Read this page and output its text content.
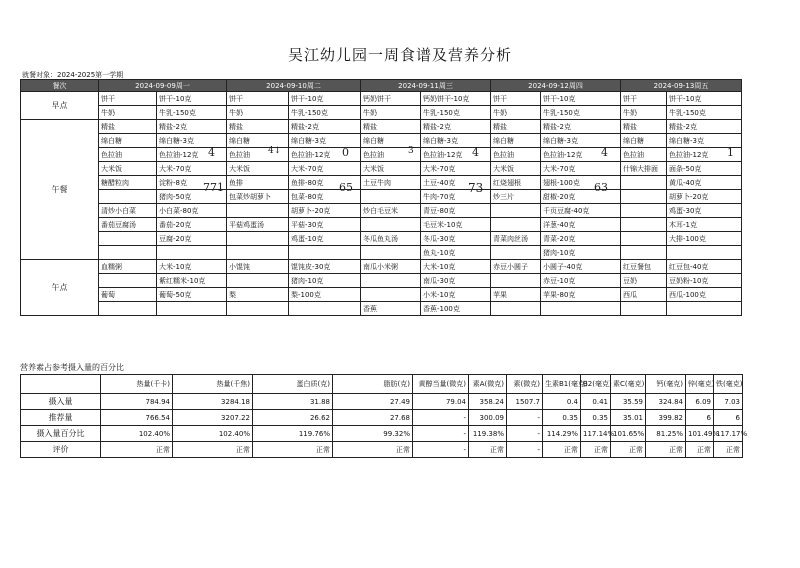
吴江幼儿园一周食谱及营养分析
就餐对象：2024-2025第一学期
餐次	2024-09-09周一		2024-09-10周二		2024-09-11周三		2024-09-12周四		2024-09-13周五	
早点	饼干	饼干-10克	饼干	饼干-10克	钙奶饼干	钙奶饼干-10克	饼干	饼干-10克	饼干	饼干-10克
	牛奶	牛乳-150克	牛奶	牛乳-150克	牛奶	牛乳-150克	牛奶	牛乳-150克	牛奶	牛乳-150克
午餐	精盐	精盐-2克	精盐	精盐-2克	精盐	精盐-2克	精盐	精盐-2克	精盐	精盐-2克
	绵白糖	绵白糖-3克	绵白糖	绵白糖-3克	绵白糖	绵白糖-3克	绵白糖	绵白糖-3克	绵白糖	绵白糖-3克
	色拉油	色拉油-12克	色拉油	色拉油-12克	色拉油	色拉油-12克	色拉油	色拉油-12克	色拉油	色拉油-12克
	大米饭	大米-70克	大米饭	大米-70克	大米饭	大米-70克	大米饭	大米-70克	什锦大排面	面条-50克
	糖醋粒肉	淀粉-8克	鱼排	鱼排-80克	土豆牛肉	土豆-40克	红烧翅根	翅根-100克		黄瓜-40克
		猪肉-50克	包菜炒胡萝卜	包菜-80克		牛肉-70克	炒三片	甜椒-20克		胡萝卜-20克
	清炒小白菜	小白菜-80克		胡萝卜-20克	炒白毛豆米	青豆-80克		千页豆腐-40克		鸡蛋-30克
	番茄豆腐汤	番茄-20克	平菇鸡蛋汤	平菇-30克		毛豆米-10克		洋葱-40克		木耳-1克
		豆腐-20克		鸡蛋-10克	冬瓜鱼丸汤	冬瓜-30克	青菜肉丝汤	青菜-20克		大排-100克
						鱼丸-10克		猪肉-10克		
午点	血糯粥	大米-10克	小馄饨	馄饨皮-30克	南瓜小米粥	大米-10克	赤豆小圆子	小圆子-40克	红豆餐包	红豆包-40克
		紫红糯米-10克		猪肉-10克		南瓜-30克		赤豆-10克	豆奶	豆奶粉-10克
	葡萄	葡萄-50克	梨	梨-100克		小米-10克	苹果	苹果-80克	西瓜	西瓜-100克
					香蕉	香蕉-100克				
营养素占参考摄入量的百分比
	热量(千卡)	热量(千焦)	蛋白质(克)	脂肪(克)	黄醇当量(微克)	素A(微克)	素(微克)	生素B1(毫克)	B2(毫克)	素C(毫克)	钙(毫克)	锌(毫克)	铁(毫克)
摄入量	784.94	3284.18	31.88	27.49	79.04	358.24	1507.7	0.4	0.41	35.59	324.84	6.09	7.03
推荐量	766.54	3207.22	26.62	27.68	-	300.09	-	0.35	0.35	35.01	399.82	6	6
摄入量百分比	102.40%	102.40%	119.76%	99.32%	-	119.38%	-	114.29%	117.14%	101.65%	81.25%	101.49%	117.17%
评价	正常	正常	正常	正常	-	正常	-	正常	正常	正常	正常	正常	正常
4	4↓	0	3	4	4	1
771	65	73	63
